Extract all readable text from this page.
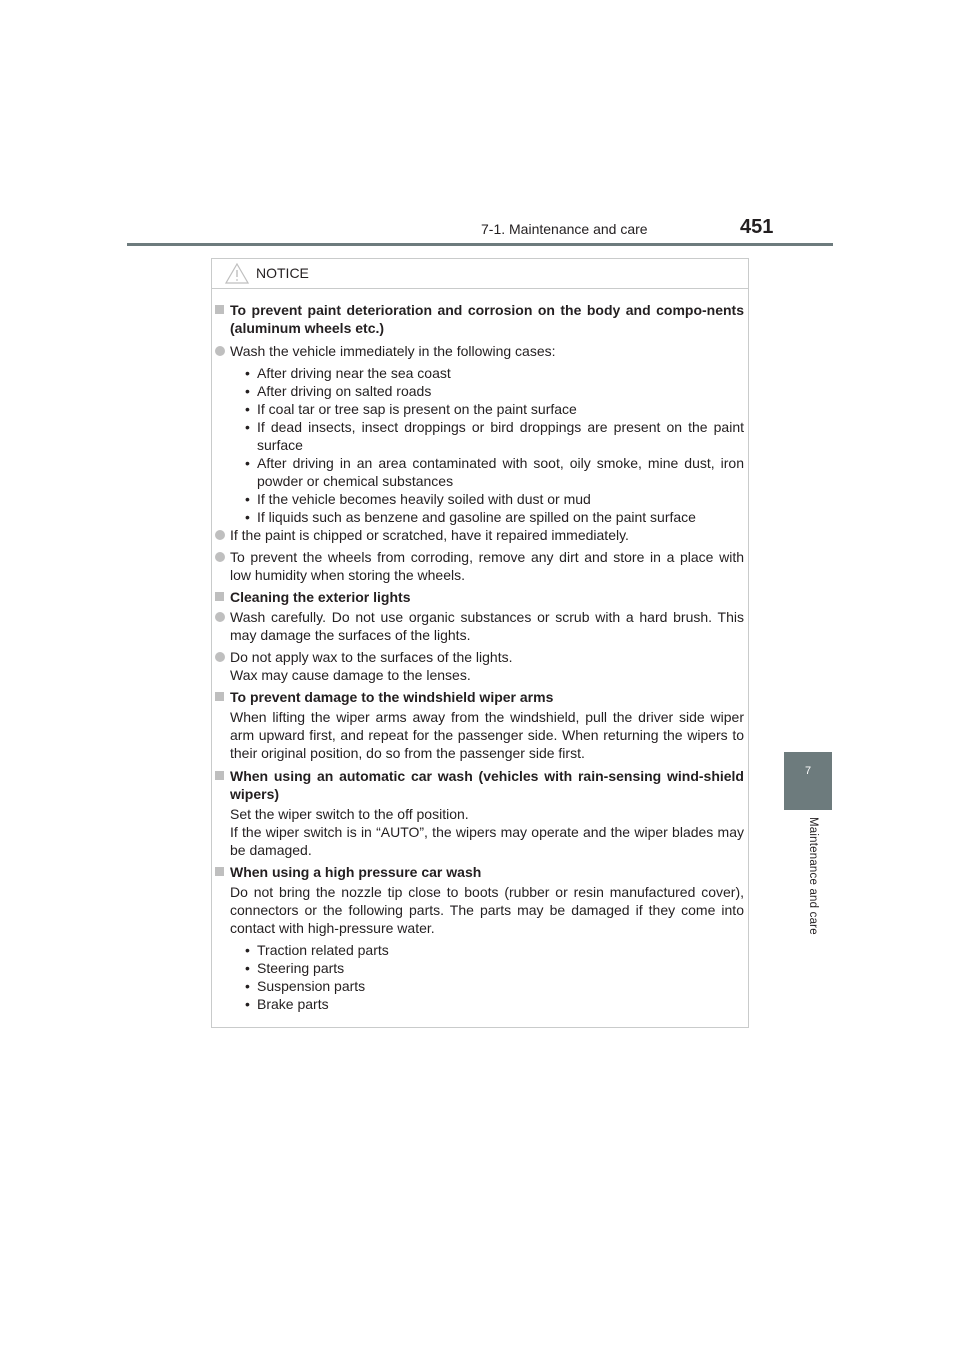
7-1. Maintenance and care	451
7
Maintenance and care
NOTICE
To prevent paint deterioration and corrosion on the body and compo-nents (aluminum wheels etc.)
Wash the vehicle immediately in the following cases:
• After driving near the sea coast
• After driving on salted roads
• If coal tar or tree sap is present on the paint surface
• If dead insects, insect droppings or bird droppings are present on the paint surface
• After driving in an area contaminated with soot, oily smoke, mine dust, iron powder or chemical substances
• If the vehicle becomes heavily soiled with dust or mud
• If liquids such as benzene and gasoline are spilled on the paint surface
If the paint is chipped or scratched, have it repaired immediately.
To prevent the wheels from corroding, remove any dirt and store in a place with low humidity when storing the wheels.
Cleaning the exterior lights
Wash carefully. Do not use organic substances or scrub with a hard brush. This may damage the surfaces of the lights.
Do not apply wax to the surfaces of the lights.
Wax may cause damage to the lenses.
To prevent damage to the windshield wiper arms
When lifting the wiper arms away from the windshield, pull the driver side wiper arm upward first, and repeat for the passenger side. When returning the wipers to their original position, do so from the passenger side first.
When using an automatic car wash (vehicles with rain-sensing wind-shield wipers)
Set the wiper switch to the off position.
If the wiper switch is in “AUTO”, the wipers may operate and the wiper blades may be damaged.
When using a high pressure car wash
Do not bring the nozzle tip close to boots (rubber or resin manufactured cover), connectors or the following parts. The parts may be damaged if they come into contact with high-pressure water.
• Traction related parts
• Steering parts
• Suspension parts
• Brake parts
